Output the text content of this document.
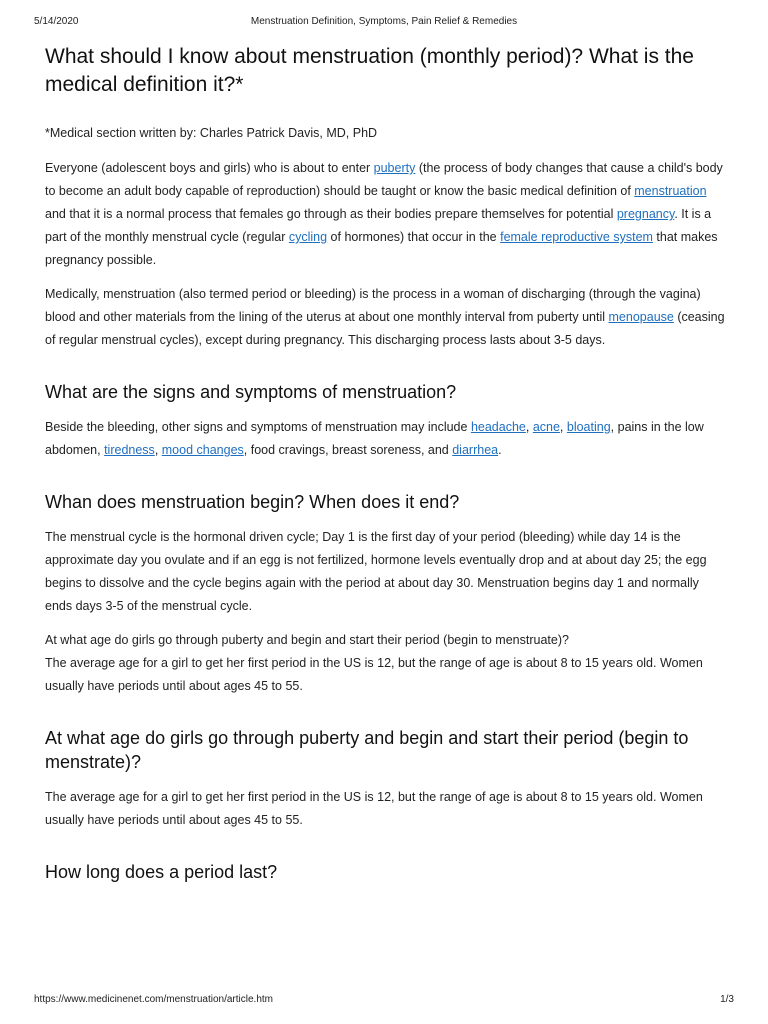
5/14/2020	Menstruation Definition, Symptoms, Pain Relief & Remedies
What should I know about menstruation (monthly period)? What is the medical definition it?*

*Medical section written by: Charles Patrick Davis, MD, PhD

Everyone (adolescent boys and girls) who is about to enter puberty (the process of body changes that cause a child's body to become an adult body capable of reproduction) should be taught or know the basic medical definition of menstruation and that it is a normal process that females go through as their bodies prepare themselves for potential pregnancy. It is a part of the monthly menstrual cycle (regular cycling of hormones) that occur in the female reproductive system that makes pregnancy possible.

Medically, menstruation (also termed period or bleeding) is the process in a woman of discharging (through the vagina) blood and other materials from the lining of the uterus at about one monthly interval from puberty until menopause (ceasing of regular menstrual cycles), except during pregnancy. This discharging process lasts about 3-5 days.

What are the signs and symptoms of menstruation?

Beside the bleeding, other signs and symptoms of menstruation may include headache, acne, bloating, pains in the low abdomen, tiredness, mood changes, food cravings, breast soreness, and diarrhea.

Whan does menstruation begin? When does it end?

The menstrual cycle is the hormonal driven cycle; Day 1 is the first day of your period (bleeding) while day 14 is the approximate day you ovulate and if an egg is not fertilized, hormone levels eventually drop and at about day 25; the egg begins to dissolve and the cycle begins again with the period at about day 30. Menstruation begins day 1 and normally ends days 3-5 of the menstrual cycle.

At what age do girls go through puberty and begin and start their period (begin to menstruate)?
The average age for a girl to get her first period in the US is 12, but the range of age is about 8 to 15 years old. Women usually have periods until about ages 45 to 55.

At what age do girls go through puberty and begin and start their period (begin to menstrate)?

The average age for a girl to get her first period in the US is 12, but the range of age is about 8 to 15 years old. Women usually have periods until about ages 45 to 55.

How long does a period last?
https://www.medicinenet.com/menstruation/article.htm	1/3
